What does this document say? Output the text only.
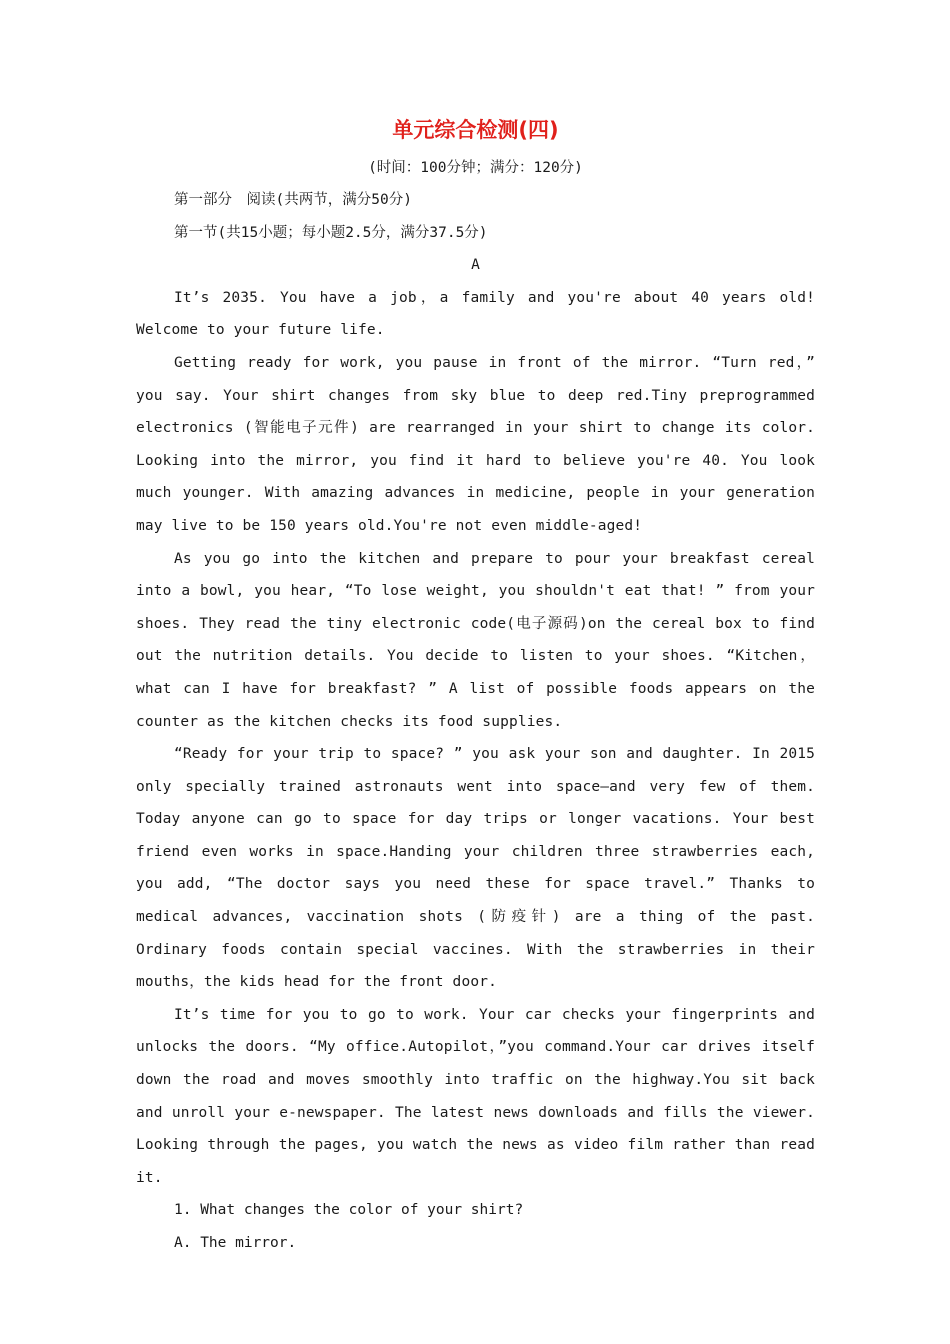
单元综合检测(四)
(时间：100分钟；满分：120分)
第一部分　阅读(共两节，满分50分)
第一节(共15小题；每小题2.5分，满分37.5分)
A

It’s 2035. You have a job，a family and you're about 40 years old! Welcome to your future life.

Getting ready for work, you pause in front of the mirror. “Turn red，” you say. Your shirt changes from sky blue to deep red.Tiny preprogrammed electronics (智能电子元件) are rearranged in your shirt to change its color. Looking into the mirror, you find it hard to believe you're 40. You look much younger. With amazing advances in medicine, people in your generation may live to be 150 years old.You're not even middle-aged!

As you go into the kitchen and prepare to pour your breakfast cereal into a bowl, you hear, “To lose weight, you shouldn't eat that! ” from your shoes. They read the tiny electronic code(电子源码)on the cereal box to find out the nutrition details. You decide to listen to your shoes. “Kitchen，what can I have for breakfast? ” A list of possible foods appears on the counter as the kitchen checks its food supplies.

“Ready for your trip to space? ” you ask your son and daughter. In 2015 only specially trained astronauts went into space—and very few of them. Today anyone can go to space for day trips or longer vacations. Your best friend even works in space.Handing your children three strawberries each, you add, “The doctor says you need these for space travel.” Thanks to medical advances, vaccination shots (防疫针) are a thing of the past. Ordinary foods contain special vaccines. With the strawberries in their mouths，the kids head for the front door.

It’s time for you to go to work. Your car checks your fingerprints and unlocks the doors. “My office.Autopilot，”you command.Your car drives itself down the road and moves smoothly into traffic on the highway.You sit back and unroll your e-newspaper. The latest news downloads and fills the viewer. Looking through the pages, you watch the news as video film rather than read it.

1. What changes the color of your shirt?
A. The mirror.
